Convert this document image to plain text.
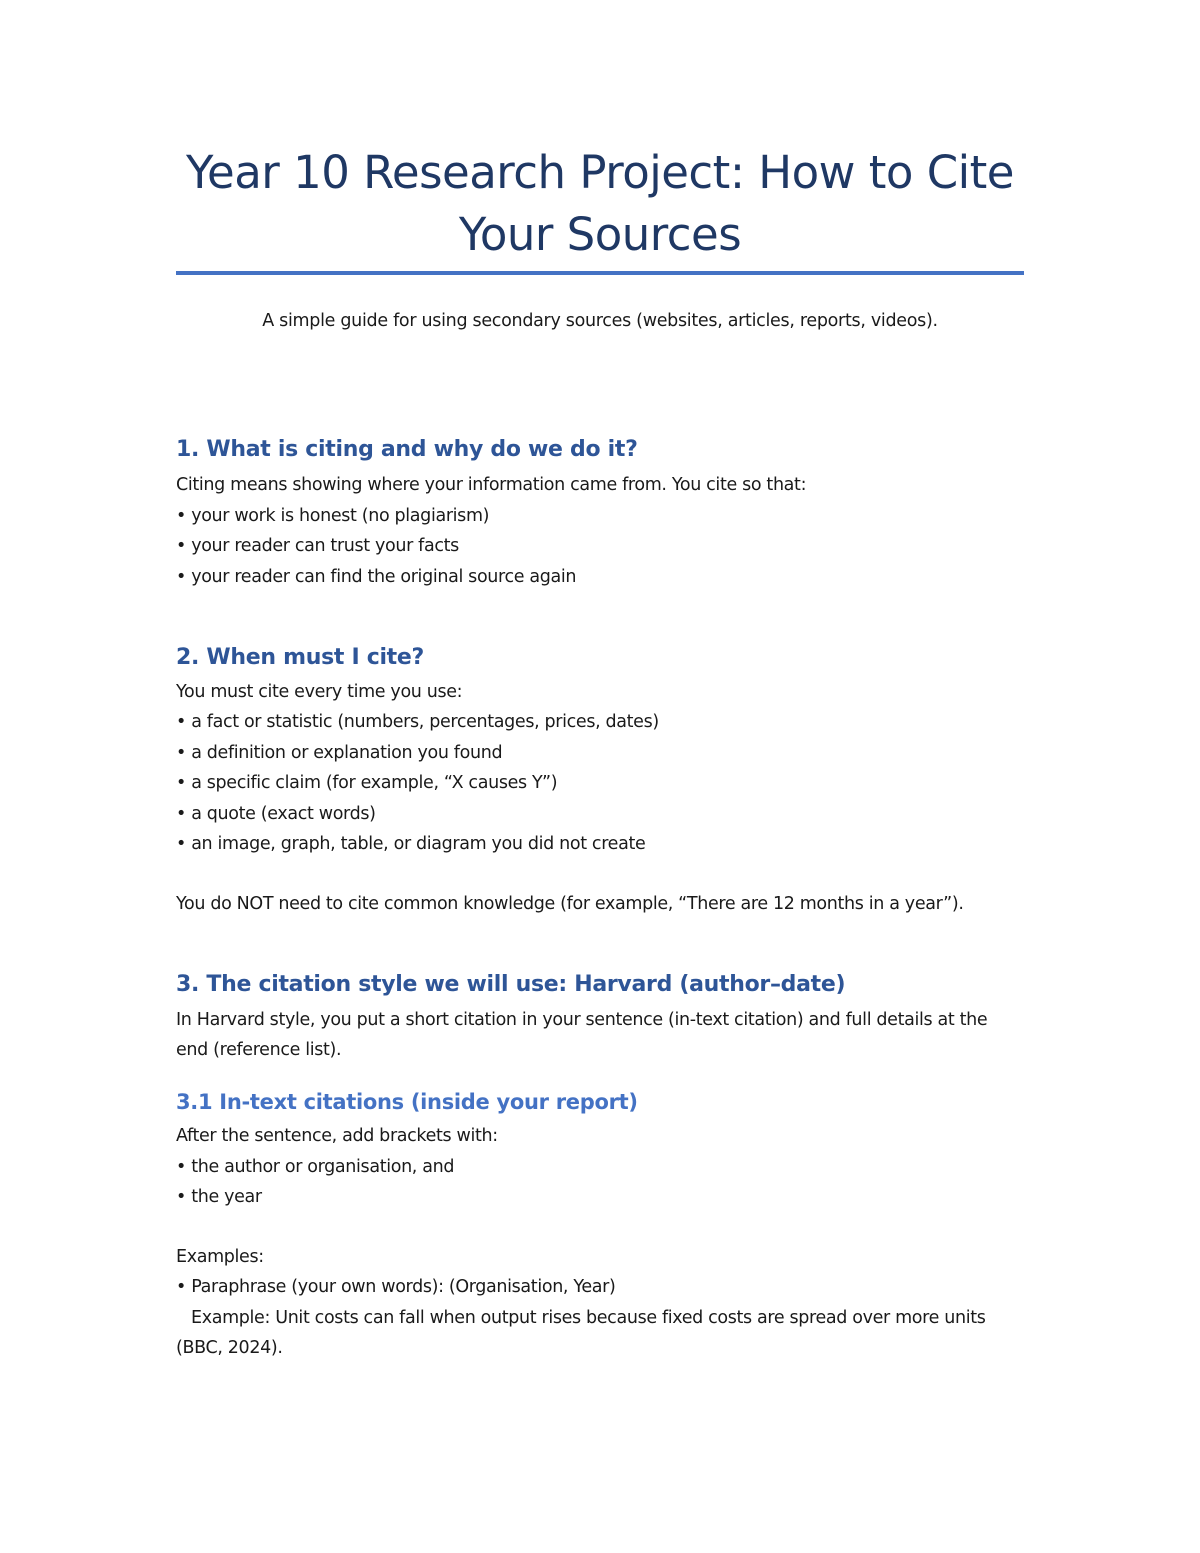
Year 10 Research Project: How to Cite
Your Sources
A simple guide for using secondary sources (websites, articles, reports, videos).
1. What is citing and why do we do it?
Citing means showing where your information came from. You cite so that:
• your work is honest (no plagiarism)
• your reader can trust your facts
• your reader can find the original source again
2. When must I cite?
You must cite every time you use:
• a fact or statistic (numbers, percentages, prices, dates)
• a definition or explanation you found
• a specific claim (for example, “X causes Y”)
• a quote (exact words)
• an image, graph, table, or diagram you did not create
You do NOT need to cite common knowledge (for example, “There are 12 months in a year”).
3. The citation style we will use: Harvard (author–date)
In Harvard style, you put a short citation in your sentence (in-text citation) and full details at the
end (reference list).
3.1 In-text citations (inside your report)
After the sentence, add brackets with:
• the author or organisation, and
• the year
Examples:
• Paraphrase (your own words): (Organisation, Year)
Example: Unit costs can fall when output rises because fixed costs are spread over more units
(BBC, 2024).
